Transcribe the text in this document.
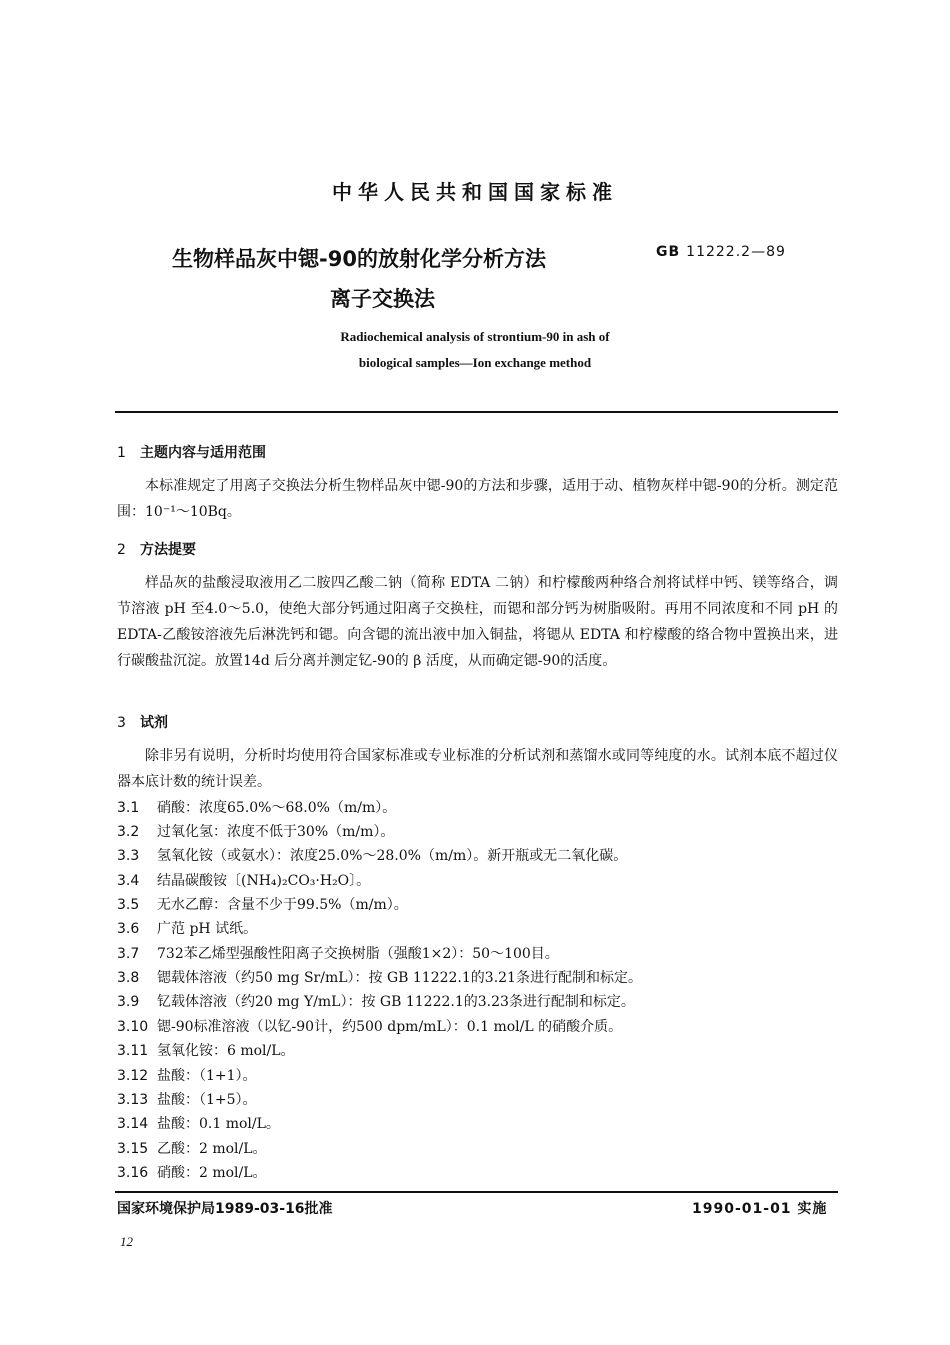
中华人民共和国国家标准
生物样品灰中锶-90的放射化学分析方法
离子交换法
GB 11222.2—89
Radiochemical analysis of strontium-90 in ash of
biological samples—Ion exchange method
1 主题内容与适用范围
本标准规定了用离子交换法分析生物样品灰中锶-90的方法和步骤，适用于动、植物灰样中锶-90的分析。测定范围：10⁻¹～10Bq。
2 方法提要
样品灰的盐酸浸取液用乙二胺四乙酸二钠（简称 EDTA 二钠）和柠檬酸两种络合剂将试样中钙、镁等络合，调节溶液 pH 至4.0～5.0，使绝大部分钙通过阳离子交换柱，而锶和部分钙为树脂吸附。再用不同浓度和不同 pH 的 EDTA-乙酸铵溶液先后淋洗钙和锶。向含锶的流出液中加入铜盐，将锶从 EDTA 和柠檬酸的络合物中置换出来，进行碳酸盐沉淀。放置14d 后分离并测定钇-90的 β 活度，从而确定锶-90的活度。
3 试剂
除非另有说明，分析时均使用符合国家标准或专业标准的分析试剂和蒸馏水或同等纯度的水。试剂本底不超过仪器本底计数的统计误差。
3.1 硝酸：浓度65.0%～68.0%（m/m）。
3.2 过氧化氢：浓度不低于30%（m/m）。
3.3 氢氧化铵（或氨水）：浓度25.0%～28.0%（m/m）。新开瓶或无二氧化碳。
3.4 结晶碳酸铵〔(NH₄)₂CO₃·H₂O〕。
3.5 无水乙醇：含量不少于99.5%（m/m）。
3.6 广范 pH 试纸。
3.7 732苯乙烯型强酸性阳离子交换树脂（强酸1×2）：50～100目。
3.8 锶载体溶液（约50 mg Sr/mL）：按 GB 11222.1的3.21条进行配制和标定。
3.9 钇载体溶液（约20 mg Y/mL）：按 GB 11222.1的3.23条进行配制和标定。
3.10 锶-90标准溶液（以钇-90计，约500 dpm/mL）：0.1 mol/L 的硝酸介质。
3.11 氢氧化铵：6 mol/L。
3.12 盐酸：（1+1）。
3.13 盐酸：（1+5）。
3.14 盐酸：0.1 mol/L。
3.15 乙酸：2 mol/L。
3.16 硝酸：2 mol/L。
国家环境保护局1989-03-16批准	1990-01-01 实施
12
